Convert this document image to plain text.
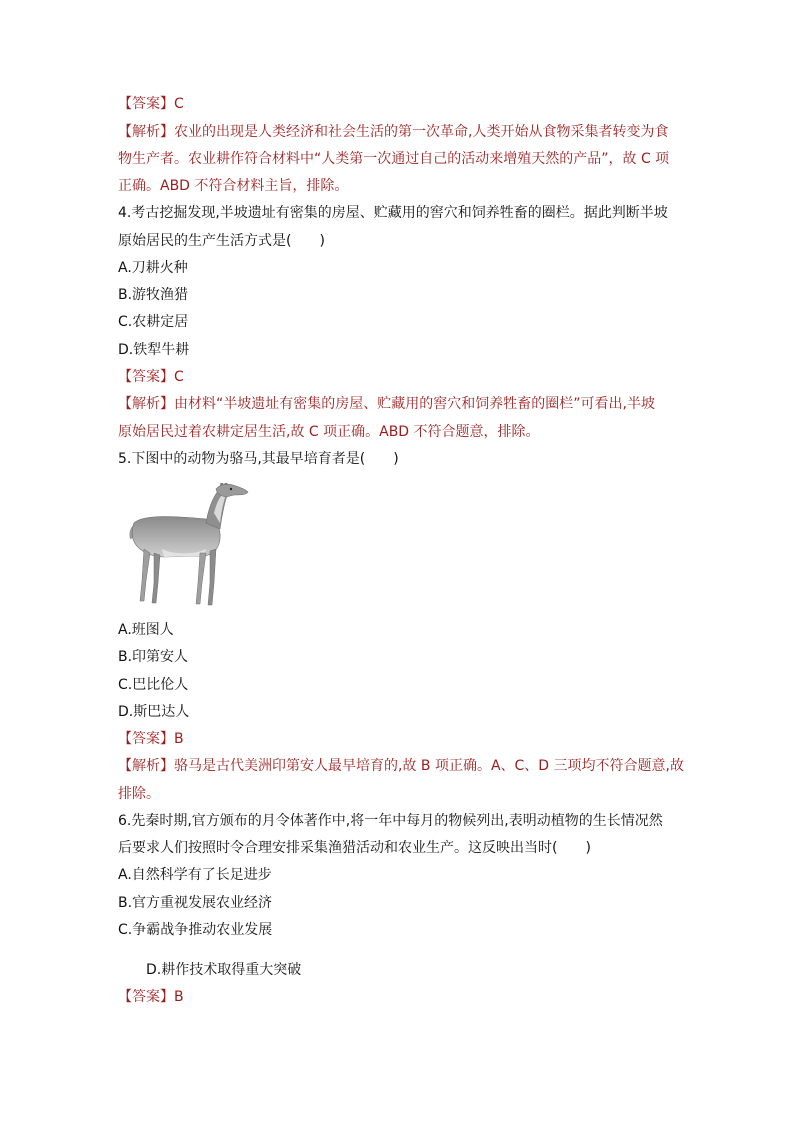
【答案】C
【解析】农业的出现是人类经济和社会生活的第一次革命,人类开始从食物采集者转变为食
物生产者。农业耕作符合材料中“人类第一次通过自己的活动来增殖天然的产品”，故 C 项
正确。ABD 不符合材料主旨，排除。
4.考古挖掘发现,半坡遗址有密集的房屋、贮藏用的窖穴和饲养牲畜的圈栏。据此判断半坡
原始居民的生产生活方式是(　　)
A.刀耕火种
B.游牧渔猎
C.农耕定居
D.铁犁牛耕
【答案】C
【解析】由材料“半坡遗址有密集的房屋、贮藏用的窖穴和饲养牲畜的圈栏”可看出,半坡
原始居民过着农耕定居生活,故 C 项正确。ABD 不符合题意，排除。
5.下图中的动物为骆马,其最早培育者是(　　)
A.班图人
B.印第安人
C.巴比伦人
D.斯巴达人
【答案】B
【解析】骆马是古代美洲印第安人最早培育的,故 B 项正确。A、C、D 三项均不符合题意,故
排除。
6.先秦时期,官方颁布的月令体著作中,将一年中每月的物候列出,表明动植物的生长情况然
后要求人们按照时令合理安排采集渔猎活动和农业生产。这反映出当时(　　)
A.自然科学有了长足进步
B.官方重视发展农业经济
C.争霸战争推动农业发展
D.耕作技术取得重大突破
【答案】B
